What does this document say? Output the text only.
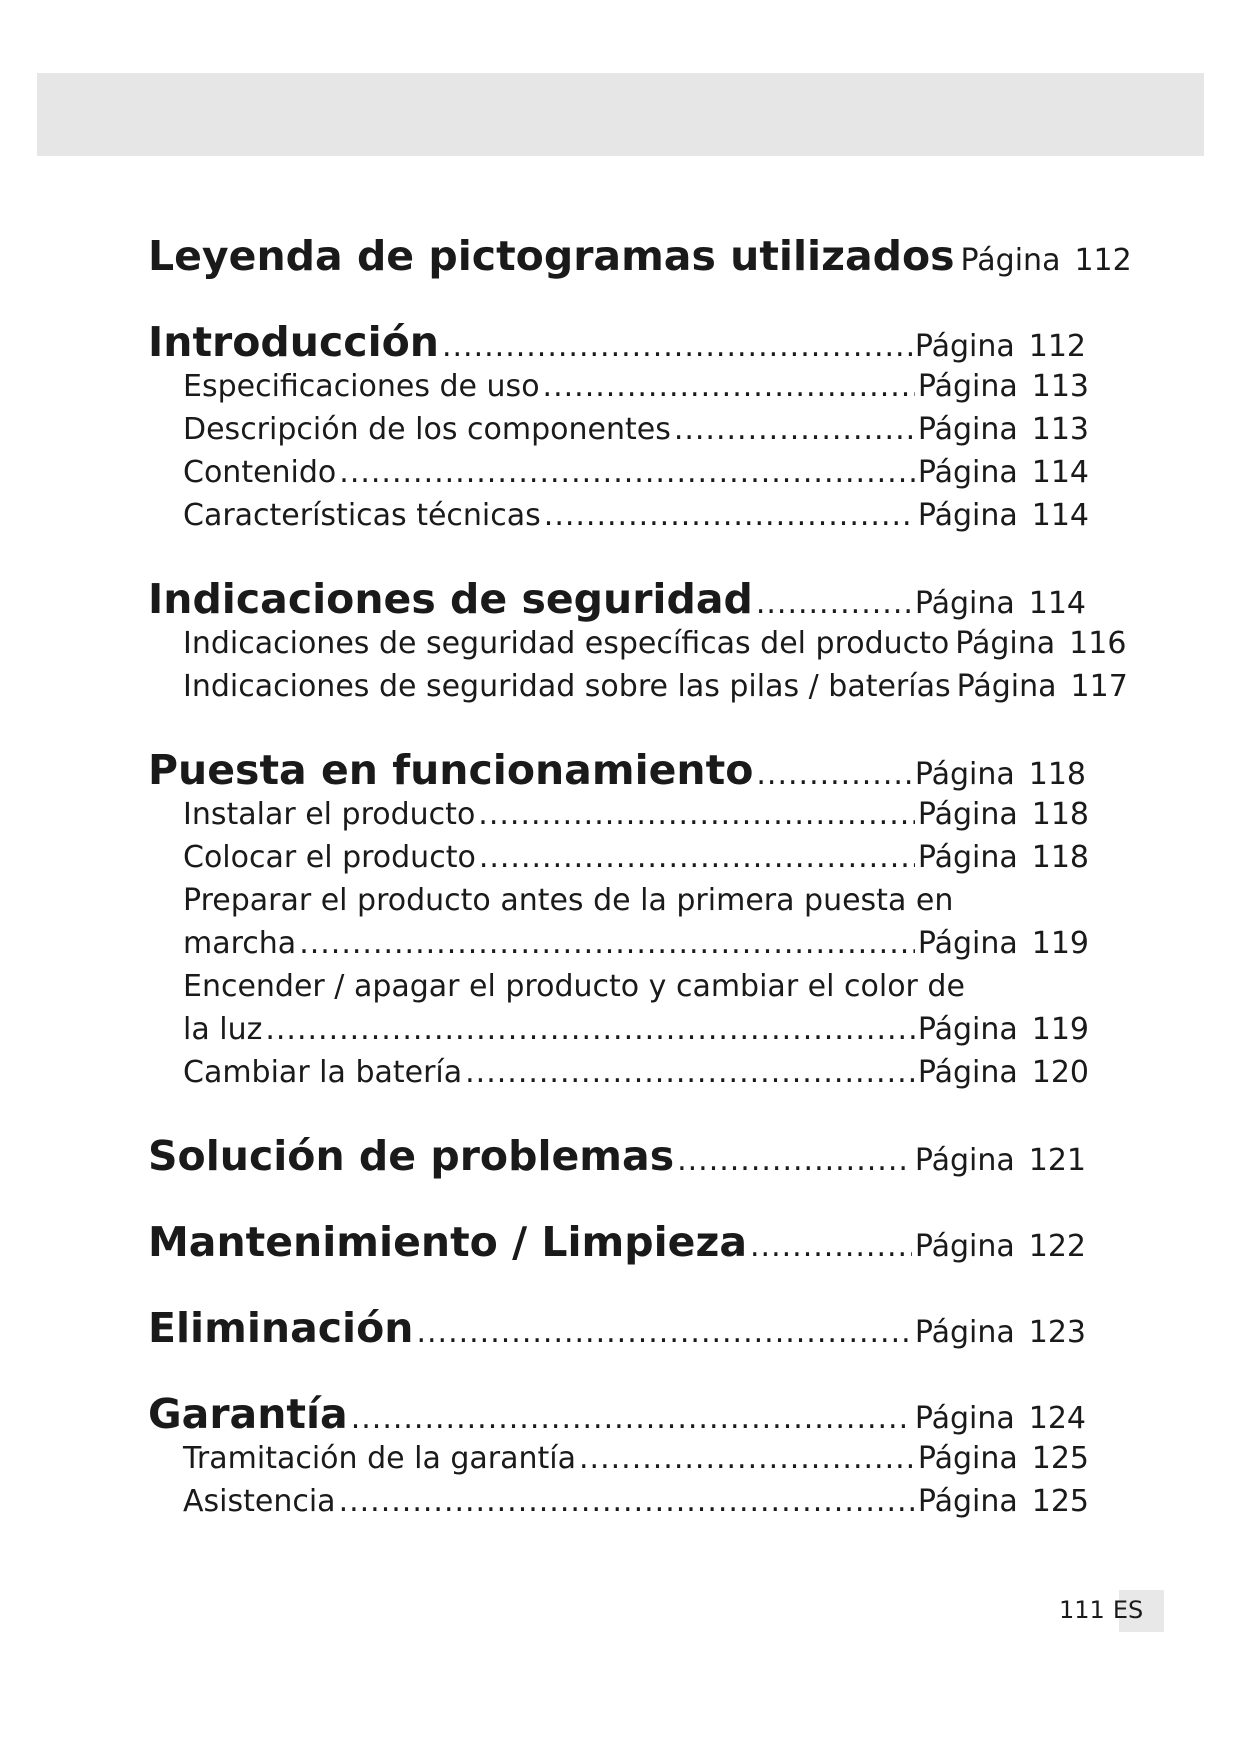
Leyenda de pictogramas utilizados Página 112
Introducción .....	Página 112
Especificaciones de uso .....	Página 113
Descripción de los componentes .....	Página 113
Contenido .....	Página 114
Características técnicas .....	Página 114
Indicaciones de seguridad .....	Página 114
Indicaciones de seguridad específicas del producto Página 116
Indicaciones de seguridad sobre las pilas / baterías Página 117
Puesta en funcionamiento .....	Página 118
Instalar el producto .....	Página 118
Colocar el producto .....	Página 118
Preparar el producto antes de la primera puesta en
marcha .....	Página 119
Encender / apagar el producto y cambiar el color de
la luz .....	Página 119
Cambiar la batería .....	Página 120
Solución de problemas .....	Página 121
Mantenimiento / Limpieza .....	Página 122
Eliminación .....	Página 123
Garantía .....	Página 124
Tramitación de la garantía .....	Página 125
Asistencia .....	Página 125
111 ES
